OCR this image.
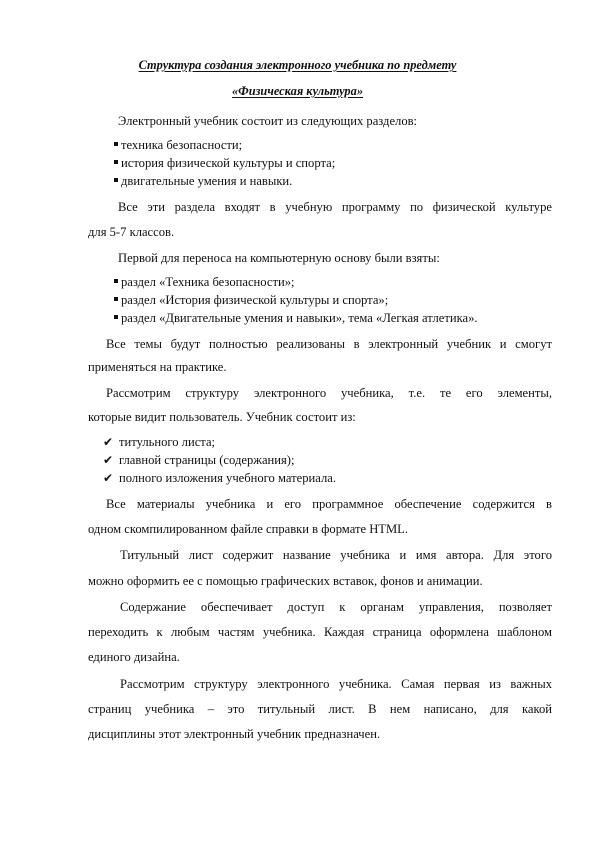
Структура создания электронного учебника по предмету
«Физическая культура»
Электронный учебник состоит из следующих разделов:
техника безопасности;
история физической культуры и спорта;
двигательные умения и навыки.
Все эти раздела входят в учебную программу по физической культуре
для 5-7 классов.
Первой для переноса на компьютерную основу были взяты:
раздел «Техника безопасности»;
раздел «История физической культуры и спорта»;
раздел «Двигательные умения и навыки», тема «Легкая атлетика».
Все темы будут полностью реализованы в электронный учебник и смогут
применяться на практике.
Рассмотрим структуру электронного учебника, т.е. те его элементы,
которые видит пользователь. Учебник состоит из:
✔ титульного листа;
✔ главной страницы (содержания);
✔ полного изложения учебного материала.
Все материалы учебника и его программное обеспечение содержится в
одном скомпилированном файле справки в формате HTML.
Титульный лист содержит название учебника и имя автора. Для этого
можно оформить ее с помощью графических вставок, фонов и анимации.
Содержание обеспечивает доступ к органам управления, позволяет
переходить к любым частям учебника. Каждая страница оформлена шаблоном
единого дизайна.
Рассмотрим структуру электронного учебника. Самая первая из важных
страниц учебника – это титульный лист. В нем написано, для какой
дисциплины этот электронный учебник предназначен.
